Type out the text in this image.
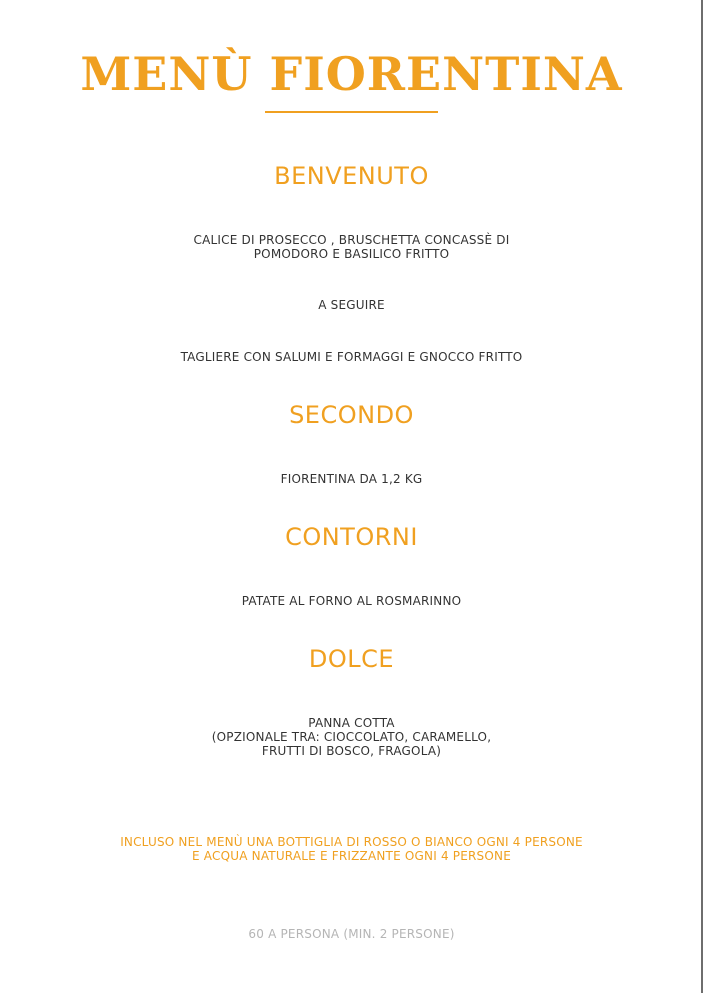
MENÙ FIORENTINA
BENVENUTO
CALICE DI PROSECCO , BRUSCHETTA CONCASSÈ DI
POMODORO E BASILICO FRITTO
A SEGUIRE
TAGLIERE CON SALUMI E FORMAGGI E GNOCCO FRITTO
SECONDO
FIORENTINA DA 1,2 KG
CONTORNI
PATATE AL FORNO AL ROSMARINNO
DOLCE
PANNA COTTA
(OPZIONALE TRA: CIOCCOLATO, CARAMELLO,
FRUTTI DI BOSCO, FRAGOLA)
INCLUSO NEL MENÙ UNA BOTTIGLIA DI ROSSO O BIANCO OGNI 4 PERSONE
E ACQUA NATURALE E FRIZZANTE OGNI 4 PERSONE
60 A PERSONA (MIN. 2 PERSONE)
